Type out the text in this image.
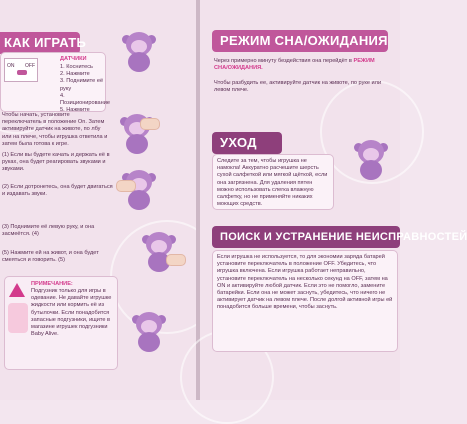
КАК ИГРАТЬ
ON OFF
ДАТЧИКИ
1. Коснитесь
2. Нажмите
3. Поднимите её руку
4. Позиционирование
5. Нажмите
Чтобы начать, установите переключатель в положение On. Затем активируйте датчик на животе, по лбу или на плече, чтобы игрушка ответила и затем была готова к игре.
(1) Если вы будете качать и держать её в руках, она будет реагировать звуками и звуками.
(2) Если дотронетесь, она будет двигаться и издавать звуки.
(3) Поднимите её левую руку, и она засмеётся. (4)
(5) Нажмите ей на живот, и она будет смеяться и говорить. (5)
ПРИМЕЧАНИЕ:
Подгузник только для игры в одевание. Не давайте игрушке жидкости или кормить её из бутылочки. Если понадобится запасные подгузники, ищите в магазине игрушек подгузники Baby Alive.
РЕЖИМ СНА/ОЖИДАНИЯ
Через примерно минуту бездействия она перейдёт в РЕЖИМ СНА/ОЖИДАНИЯ.
Чтобы разбудить ее, активируйте датчик на животе, по руке или левом плече.
УХОД
Следите за тем, чтобы игрушка не намокла! Аккуратно расчешите шерсть сухой салфеткой или мягкой щёткой, если она загрязнена. Для удаления пятен можно использовать слегка влажную салфетку, но не применяйте никаких моющих средств.
ПОИСК И УСТРАНЕНИЕ НЕИСПРАВНОСТЕЙ
Если игрушка не используется, то для экономии заряда батарей установите переключатель в положение OFF. Убедитесь, что игрушка включена. Если игрушка работает неправильно, установите переключатель на несколько секунд на OFF, затем на ON и активируйте любой датчик. Если это не помогло, замените батарейки. Если она не может заснуть, убедитесь, что ничего не активирует датчик на левом плече. После долгой активной игры ей понадобится больше времени, чтобы заснуть.
